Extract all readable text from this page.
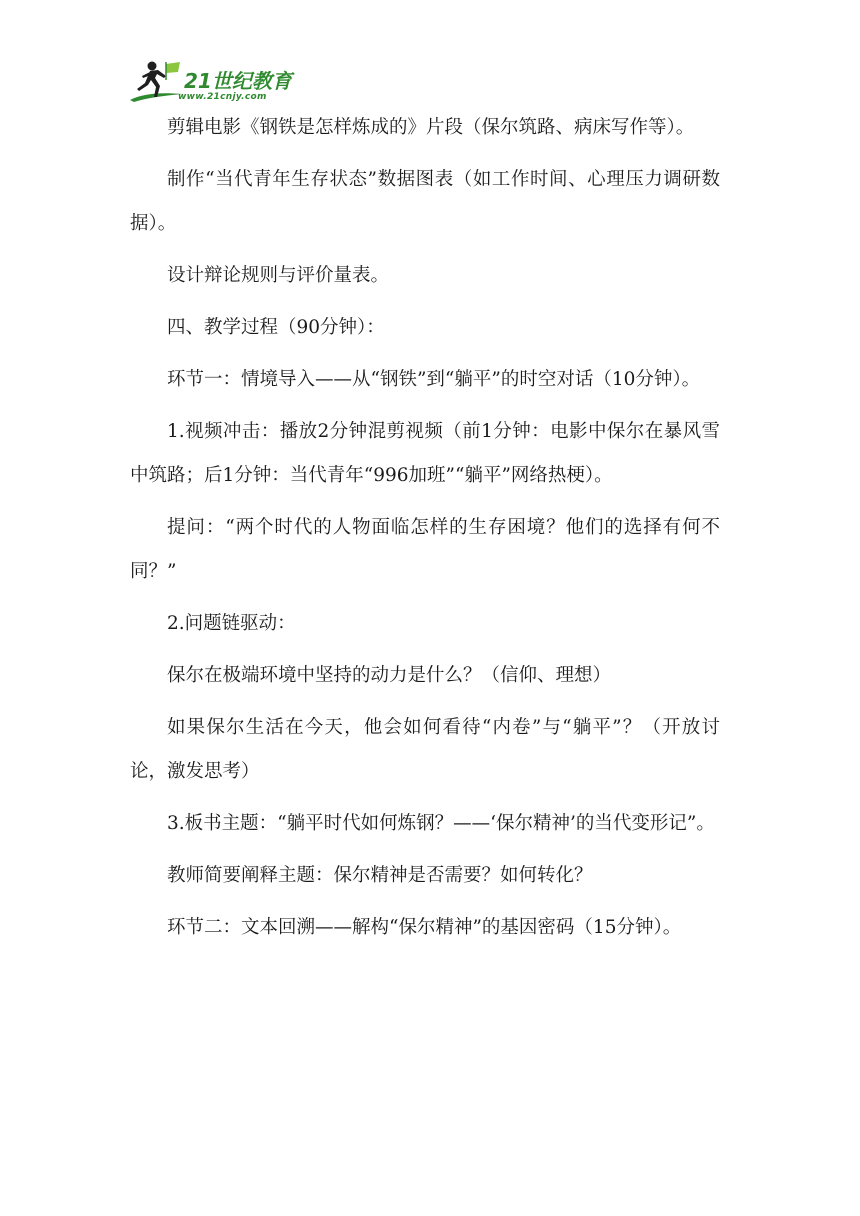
21世纪教育
www.21cnjy.com

剪辑电影《钢铁是怎样炼成的》片段（保尔筑路、病床写作等）。

制作“当代青年生存状态”数据图表（如工作时间、心理压力调研数据）。

设计辩论规则与评价量表。

四、教学过程（90分钟）：

环节一：情境导入——从“钢铁”到“躺平”的时空对话（10分钟）。

1.视频冲击：播放2分钟混剪视频（前1分钟：电影中保尔在暴风雪中筑路；后1分钟：当代青年“996加班”“躺平”网络热梗）。

提问：“两个时代的人物面临怎样的生存困境？他们的选择有何不同？”

2.问题链驱动：

保尔在极端环境中坚持的动力是什么？（信仰、理想）

如果保尔生活在今天，他会如何看待“内卷”与“躺平”？（开放讨论，激发思考）

3.板书主题：“躺平时代如何炼钢？——‘保尔精神’的当代变形记”。

教师简要阐释主题：保尔精神是否需要？如何转化？

环节二：文本回溯——解构“保尔精神”的基因密码（15分钟）。
